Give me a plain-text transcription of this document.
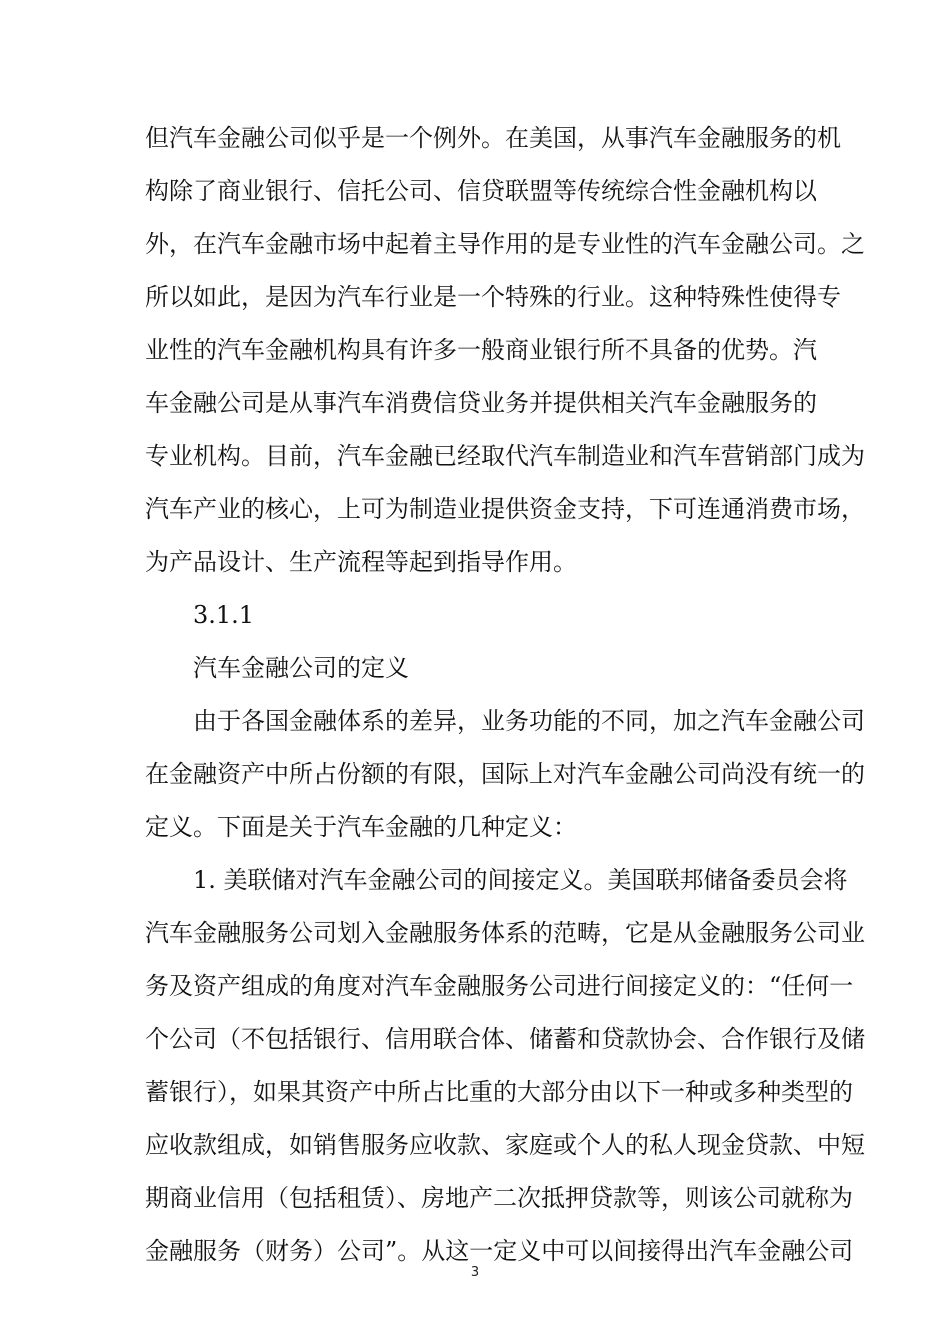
但汽车金融公司似乎是一个例外。在美国，从事汽车金融服务的机
构除了商业银行、信托公司、信贷联盟等传统综合性金融机构以
外，在汽车金融市场中起着主导作用的是专业性的汽车金融公司。之
所以如此，是因为汽车行业是一个特殊的行业。这种特殊性使得专
业性的汽车金融机构具有许多一般商业银行所不具备的优势。汽
车金融公司是从事汽车消费信贷业务并提供相关汽车金融服务的
专业机构。目前，汽车金融已经取代汽车制造业和汽车营销部门成为
汽车产业的核心，上可为制造业提供资金支持，下可连通消费市场，
为产品设计、生产流程等起到指导作用。
3.1.1
汽车金融公司的定义
由于各国金融体系的差异，业务功能的不同，加之汽车金融公司
在金融资产中所占份额的有限，国际上对汽车金融公司尚没有统一的
定义。下面是关于汽车金融的几种定义：
1. 美联储对汽车金融公司的间接定义。美国联邦储备委员会将
汽车金融服务公司划入金融服务体系的范畴，它是从金融服务公司业
务及资产组成的角度对汽车金融服务公司进行间接定义的：“任何一
个公司（不包括银行、信用联合体、储蓄和贷款协会、合作银行及储
蓄银行），如果其资产中所占比重的大部分由以下一种或多种类型的
应收款组成，如销售服务应收款、家庭或个人的私人现金贷款、中短
期商业信用（包括租赁）、房地产二次抵押贷款等，则该公司就称为
金融服务（财务）公司”。从这一定义中可以间接得出汽车金融公司
3
